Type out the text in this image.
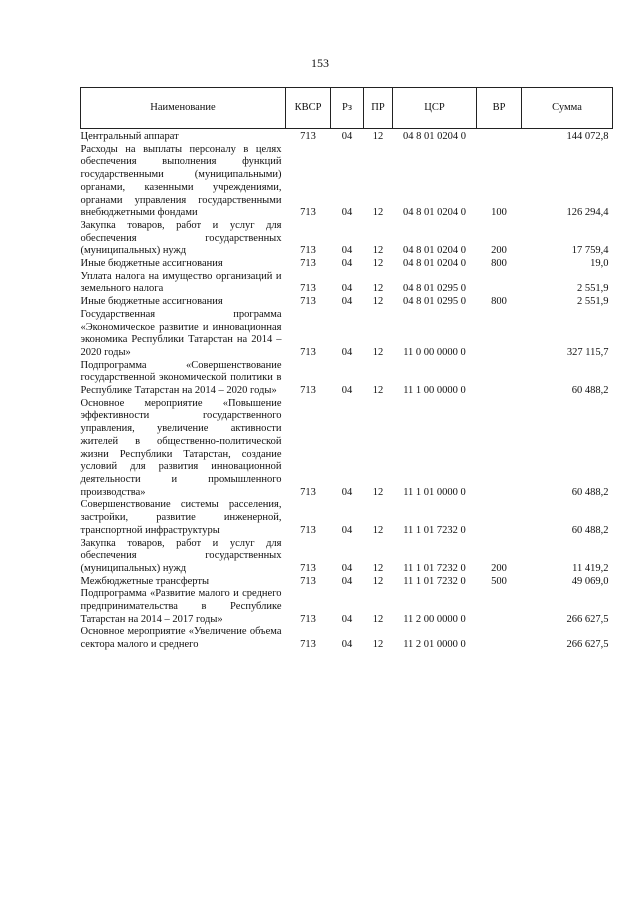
153
Наименование	КВСР	Рз	ПР	ЦСР	ВР	Сумма
Центральный аппарат	713	04	12	04 8 01 0204 0		144 072,8
Расходы на выплаты персоналу в целях обеспечения выполнения функций государственными (муниципальными) органами, казенными учреждениями, органами управления государственными внебюджетными фондами	713	04	12	04 8 01 0204 0	100	126 294,4
Закупка товаров, работ и услуг для обеспечения государственных (муниципальных) нужд	713	04	12	04 8 01 0204 0	200	17 759,4
Иные бюджетные ассигнования	713	04	12	04 8 01 0204 0	800	19,0
Уплата налога на имущество организаций и земельного налога	713	04	12	04 8 01 0295 0		2 551,9
Иные бюджетные ассигнования	713	04	12	04 8 01 0295 0	800	2 551,9
Государственная программа «Экономическое развитие и инновационная экономика Республики Татарстан на 2014 – 2020 годы»	713	04	12	11 0 00 0000 0		327 115,7
Подпрограмма «Совершенствование государственной экономической политики в Республике Татарстан на 2014 – 2020 годы»	713	04	12	11 1 00 0000 0		60 488,2
Основное мероприятие «Повышение эффективности государственного управления, увеличение активности жителей в общественно-политической жизни Республики Татарстан, создание условий для развития инновационной деятельности и промышленного производства»	713	04	12	11 1 01 0000 0		60 488,2
Совершенствование системы расселения, застройки, развитие инженерной, транспортной инфраструктуры	713	04	12	11 1 01 7232 0		60 488,2
Закупка товаров, работ и услуг для обеспечения государственных (муниципальных) нужд	713	04	12	11 1 01 7232 0	200	11 419,2
Межбюджетные трансферты	713	04	12	11 1 01 7232 0	500	49 069,0
Подпрограмма «Развитие малого и среднего предпринимательства в Республике Татарстан на 2014 – 2017 годы»	713	04	12	11 2 00 0000 0		266 627,5
Основное мероприятие «Увеличение объема сектора малого и среднего	713	04	12	11 2 01 0000 0		266 627,5
